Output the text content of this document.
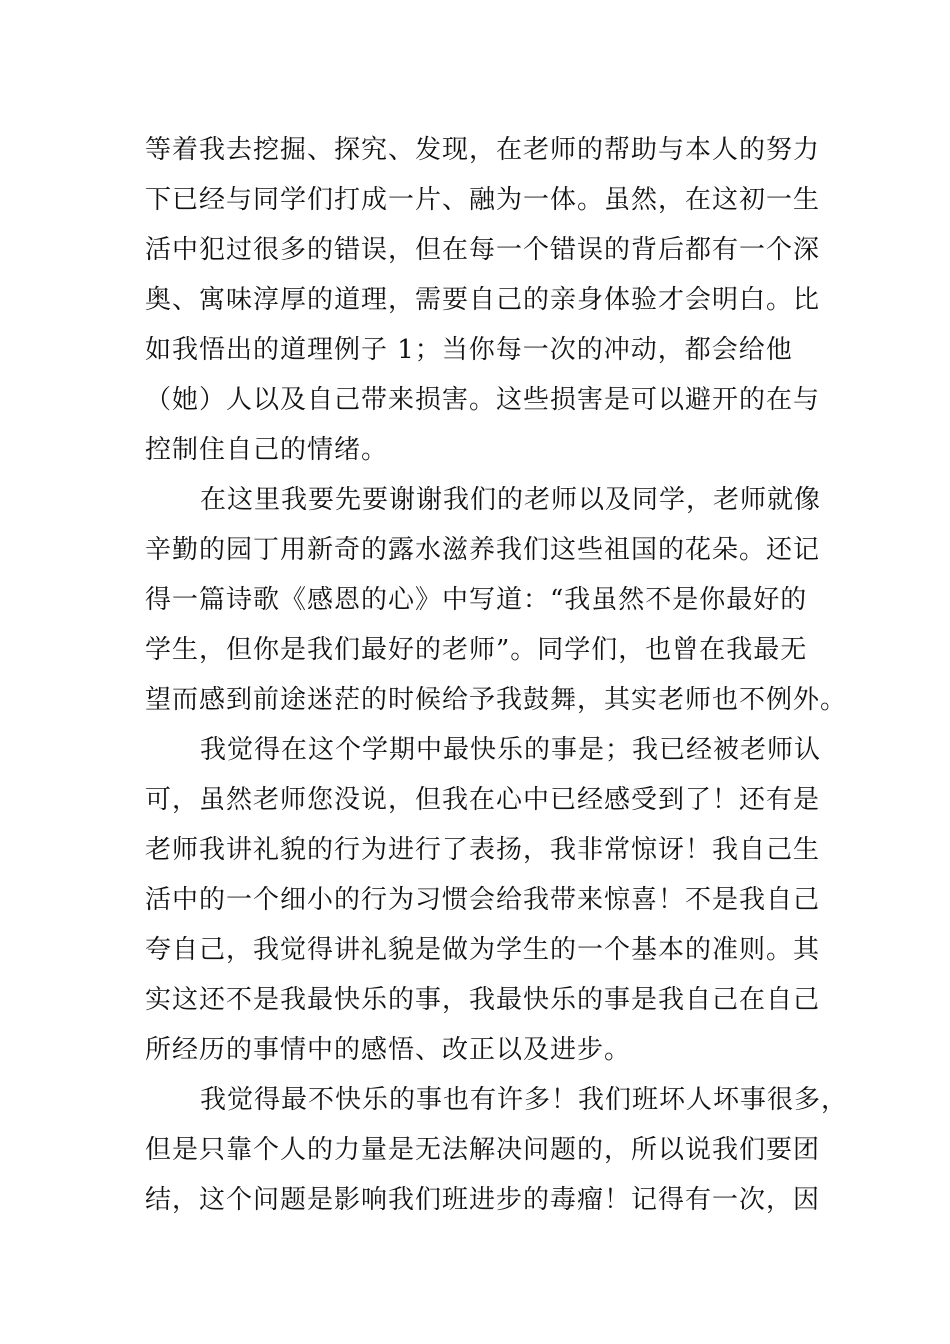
等着我去挖掘、探究、发现，在老师的帮助与本人的努力
下已经与同学们打成一片、融为一体。虽然，在这初一生
活中犯过很多的错误，但在每一个错误的背后都有一个深
奥、寓味淳厚的道理，需要自己的亲身体验才会明白。比
如我悟出的道理例子 1；当你每一次的冲动，都会给他
（她）人以及自己带来损害。这些损害是可以避开的在与
控制住自己的情绪。
在这里我要先要谢谢我们的老师以及同学，老师就像
辛勤的园丁用新奇的露水滋养我们这些祖国的花朵。还记
得一篇诗歌《感恩的心》中写道：“我虽然不是你最好的
学生，但你是我们最好的老师”。同学们，也曾在我最无
望而感到前途迷茫的时候给予我鼓舞，其实老师也不例外。
我觉得在这个学期中最快乐的事是；我已经被老师认
可，虽然老师您没说，但我在心中已经感受到了！还有是
老师我讲礼貌的行为进行了表扬，我非常惊讶！我自己生
活中的一个细小的行为习惯会给我带来惊喜！不是我自己
夸自己，我觉得讲礼貌是做为学生的一个基本的准则。其
实这还不是我最快乐的事，我最快乐的事是我自己在自己
所经历的事情中的感悟、改正以及进步。
我觉得最不快乐的事也有许多！我们班坏人坏事很多，
但是只靠个人的力量是无法解决问题的，所以说我们要团
结，这个问题是影响我们班进步的毒瘤！记得有一次，因
